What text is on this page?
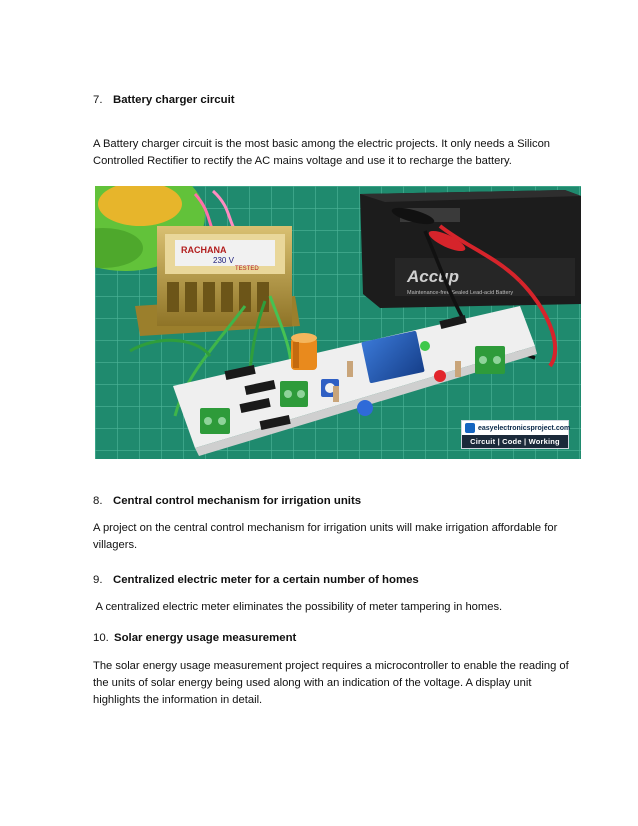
7. Battery charger circuit
A Battery charger circuit is the most basic among the electric projects. It only needs a Silicon Controlled Rectifier to rectify the AC mains voltage and use it to recharge the battery.
Accup
Maintenance-free Sealed Lead-acid Battery
RACHANA
230 V
TESTED
easyelectronicsproject.com
Circuit | Code | Working
8. Central control mechanism for irrigation units
A project on the central control mechanism for irrigation units will make irrigation affordable for villagers.
9. Centralized electric meter for a certain number of homes
A centralized electric meter eliminates the possibility of meter tampering in homes.
10. Solar energy usage measurement
The solar energy usage measurement project requires a microcontroller to enable the reading of the units of solar energy being used along with an indication of the voltage. A display unit highlights the information in detail.
